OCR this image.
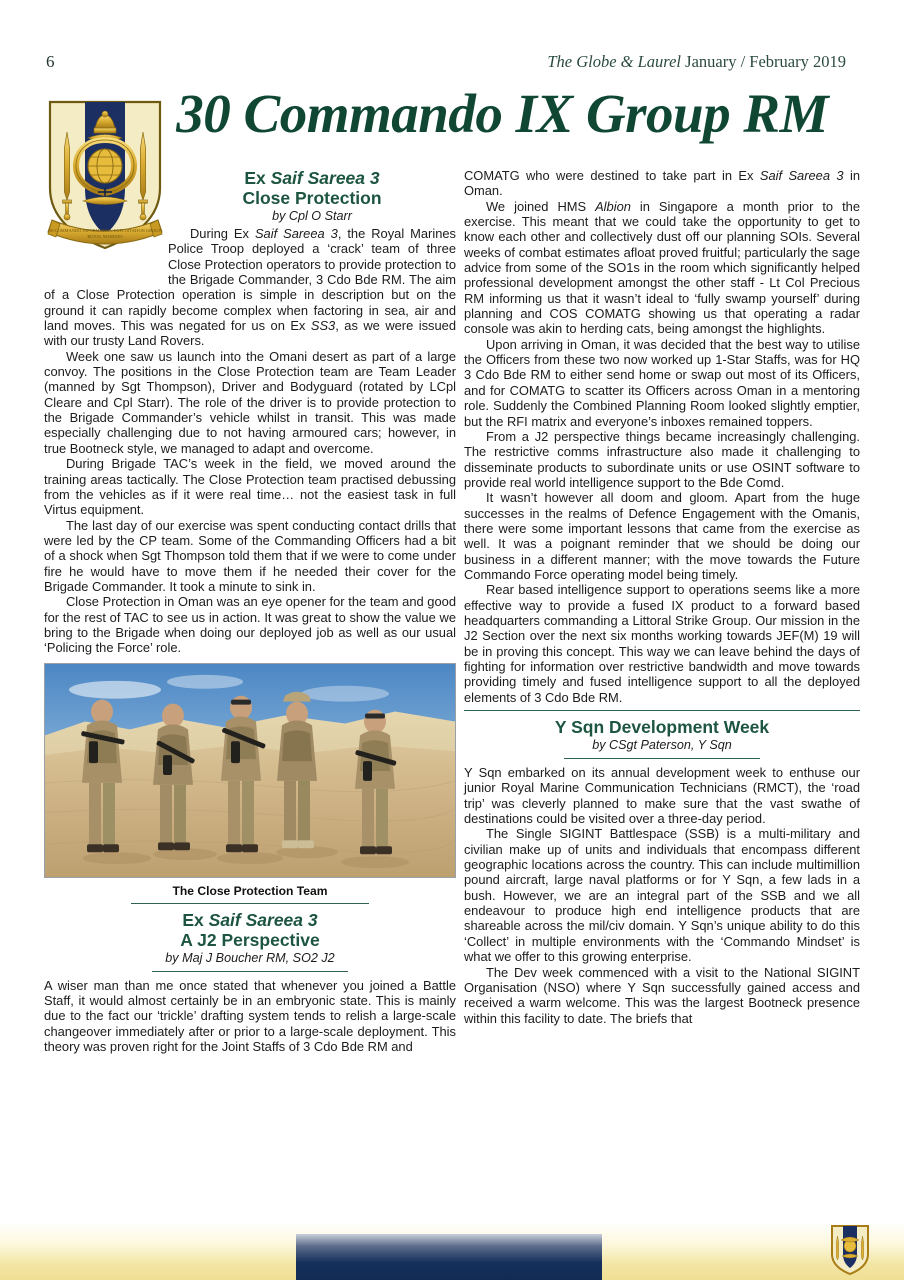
6	The Globe & Laurel January / February 2019
30 Commando IX Group RM
30 COMMANDO INFORMATION EXPLOITATION GROUP
ROYAL MARINES
Ex Saif Sareea 3
Close Protection
by Cpl O Starr

During Ex Saif Sareea 3, the Royal Marines Police Troop deployed a ‘crack’ team of three Close Protection operators to provide protection to the Brigade Commander, 3 Cdo Bde RM. The aim of a Close Protection operation is simple in description but on the ground it can rapidly become complex when factoring in sea, air and land moves. This was negated for us on Ex SS3, as we were issued with our trusty Land Rovers.

Week one saw us launch into the Omani desert as part of a large convoy. The positions in the Close Protection team are Team Leader (manned by Sgt Thompson), Driver and Bodyguard (rotated by LCpl Cleare and Cpl Starr). The role of the driver is to provide protection to the Brigade Commander’s vehicle whilst in transit. This was made especially challenging due to not having armoured cars; however, in true Bootneck style, we managed to adapt and overcome.

During Brigade TAC’s week in the field, we moved around the training areas tactically. The Close Protection team practised debussing from the vehicles as if it were real time… not the easiest task in full Virtus equipment.

The last day of our exercise was spent conducting contact drills that were led by the CP team. Some of the Commanding Officers had a bit of a shock when Sgt Thompson told them that if we were to come under fire he would have to move them if he needed their cover for the Brigade Commander. It took a minute to sink in.

Close Protection in Oman was an eye opener for the team and good for the rest of TAC to see us in action. It was great to show the value we bring to the Brigade when doing our deployed job as well as our usual ‘Policing the Force’ role.

The Close Protection Team
Ex Saif Sareea 3
A J2 Perspective
by Maj J Boucher RM, SO2 J2

A wiser man than me once stated that whenever you joined a Battle Staff, it would almost certainly be in an embryonic state. This is mainly due to the fact our ‘trickle’ drafting system tends to relish a large-scale changeover immediately after or prior to a large-scale deployment. This theory was proven right for the Joint Staffs of 3 Cdo Bde RM and

COMATG who were destined to take part in Ex Saif Sareea 3 in Oman.

We joined HMS Albion in Singapore a month prior to the exercise. This meant that we could take the opportunity to get to know each other and collectively dust off our planning SOIs. Several weeks of combat estimates afloat proved fruitful; particularly the sage advice from some of the SO1s in the room which significantly helped professional development amongst the other staff - Lt Col Precious RM informing us that it wasn’t ideal to ‘fully swamp yourself’ during planning and COS COMATG showing us that operating a radar console was akin to herding cats, being amongst the highlights.

Upon arriving in Oman, it was decided that the best way to utilise the Officers from these two now worked up 1-Star Staffs, was for HQ 3 Cdo Bde RM to either send home or swap out most of its Officers, and for COMATG to scatter its Officers across Oman in a mentoring role. Suddenly the Combined Planning Room looked slightly emptier, but the RFI matrix and everyone’s inboxes remained toppers.

From a J2 perspective things became increasingly challenging. The restrictive comms infrastructure also made it challenging to disseminate products to subordinate units or use OSINT software to provide real world intelligence support to the Bde Comd.

It wasn’t however all doom and gloom. Apart from the huge successes in the realms of Defence Engagement with the Omanis, there were some important lessons that came from the exercise as well. It was a poignant reminder that we should be doing our business in a different manner; with the move towards the Future Commando Force operating model being timely.

Rear based intelligence support to operations seems like a more effective way to provide a fused IX product to a forward based headquarters commanding a Littoral Strike Group. Our mission in the J2 Section over the next six months working towards JEF(M) 19 will be in proving this concept. This way we can leave behind the days of fighting for information over restrictive bandwidth and move towards providing timely and fused intelligence support to all the deployed elements of 3 Cdo Bde RM.

Y Sqn Development Week
by CSgt Paterson, Y Sqn

Y Sqn embarked on its annual development week to enthuse our junior Royal Marine Communication Technicians (RMCT), the ‘road trip’ was cleverly planned to make sure that the vast swathe of destinations could be visited over a three-day period.

The Single SIGINT Battlespace (SSB) is a multi-military and civilian make up of units and individuals that encompass different geographic locations across the country. This can include multimillion pound aircraft, large naval platforms or for Y Sqn, a few lads in a bush. However, we are an integral part of the SSB and we all endeavour to produce high end intelligence products that are shareable across the mil/civ domain. Y Sqn’s unique ability to do this ‘Collect’ in multiple environments with the ‘Commando Mindset’ is what we offer to this growing enterprise.

The Dev week commenced with a visit to the National SIGINT Organisation (NSO) where Y Sqn successfully gained access and received a warm welcome. This was the largest Bootneck presence within this facility to date. The briefs that
